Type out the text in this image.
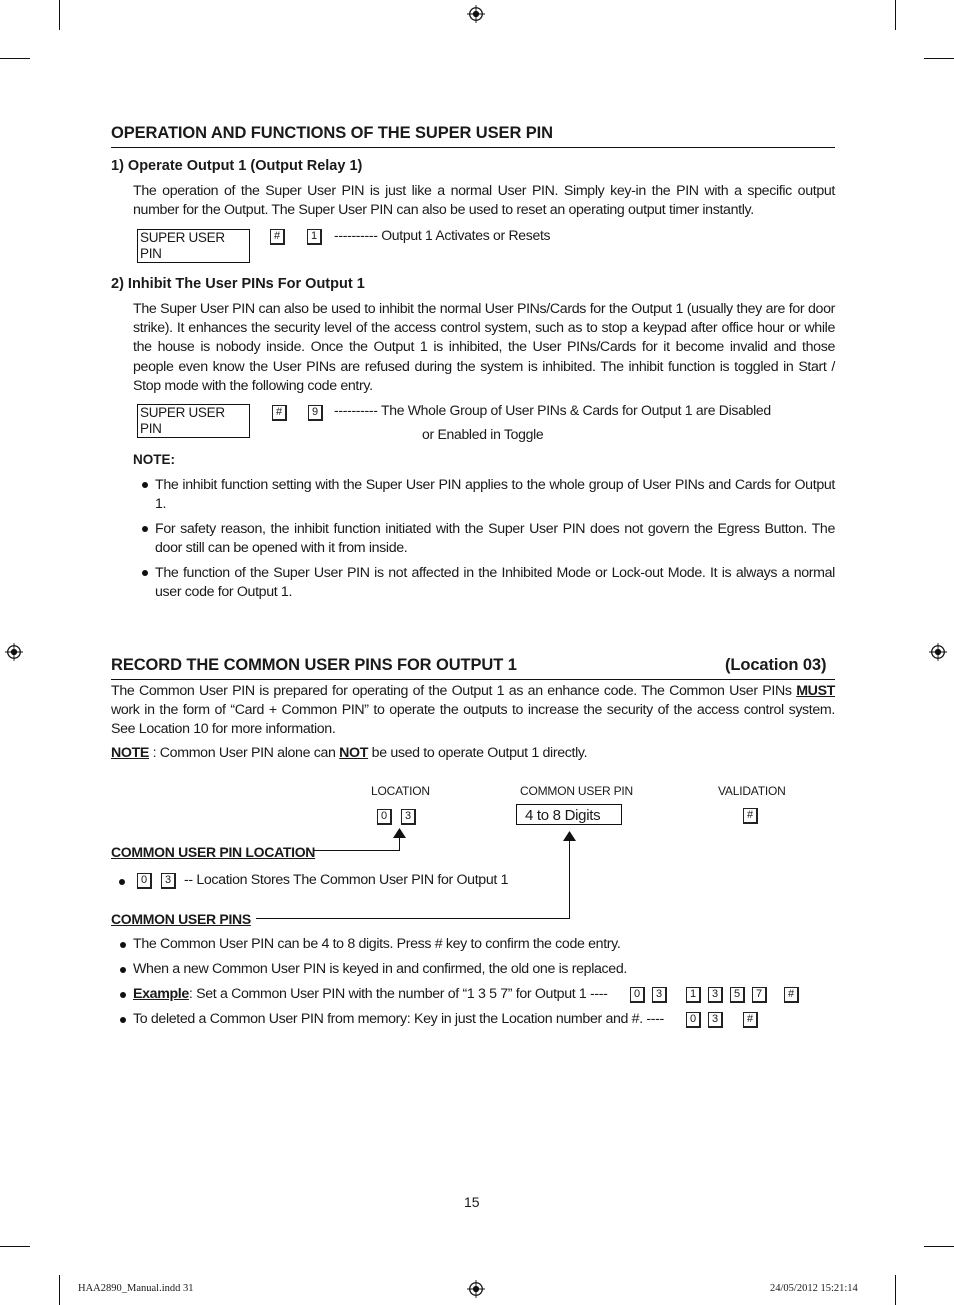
OPERATION AND FUNCTIONS OF THE SUPER USER PIN
1) Operate Output 1 (Output Relay 1)

The operation of the Super User PIN is just like a normal User PIN. Simply key-in the PIN with a specific output number for the Output. The Super User PIN can also be used to reset an operating output timer instantly.

SUPER USER PIN
#	1	---------- Output 1 Activates or Resets
2) Inhibit The User PINs For Output 1

The Super User PIN can also be used to inhibit the normal User PINs/Cards for the Output 1 (usually they are for door strike). It enhances the security level of the access control system, such as to stop a keypad after office hour or while the house is nobody inside. Once the Output 1 is inhibited, the User PINs/Cards for it become invalid and those people even know the User PINs are refused during the system is inhibited. The inhibit function is toggled in Start / Stop mode with the following code entry.

SUPER USER PIN
#	9	---------- The Whole Group of User PINs & Cards for Output 1 are Disabled
or Enabled in Toggle
NOTE:

The inhibit function setting with the Super User PIN applies to the whole group of User PINs and Cards for Output 1.

For safety reason, the inhibit function initiated with the Super User PIN does not govern the Egress Button. The door still can be opened with it from inside.

The function of the Super User PIN is not affected in the Inhibited Mode or Lock-out Mode. It is always a normal user code for Output 1.

RECORD THE COMMON USER PINS FOR OUTPUT 1	(Location 03)

The Common User PIN is prepared for operating of the Output 1 as an enhance code. The Common User PINs MUST work in the form of “Card + Common PIN” to operate the outputs to increase the security of the access control system. See Location 10 for more information.

NOTE : Common User PIN alone can NOT be used to operate Output 1 directly.
LOCATION	COMMON USER PIN	VALIDATION
0	3	4 to 8 Digits	#
COMMON USER PIN LOCATION
0	3 -- Location Stores The Common User PIN for Output 1
COMMON USER PINS
The Common User PIN can be 4 to 8 digits. Press # key to confirm the code entry.
When a new Common User PIN is keyed in and confirmed, the old one is replaced.
Example: Set a Common User PIN with the number of “1 3 5 7” for Output 1 ----	0	3	1	3	5	7	#
To deleted a Common User PIN from memory: Key in just the Location number and #. ----	0	3	#
15
HAA2890_Manual.indd 31	24/05/2012 15:21:14
